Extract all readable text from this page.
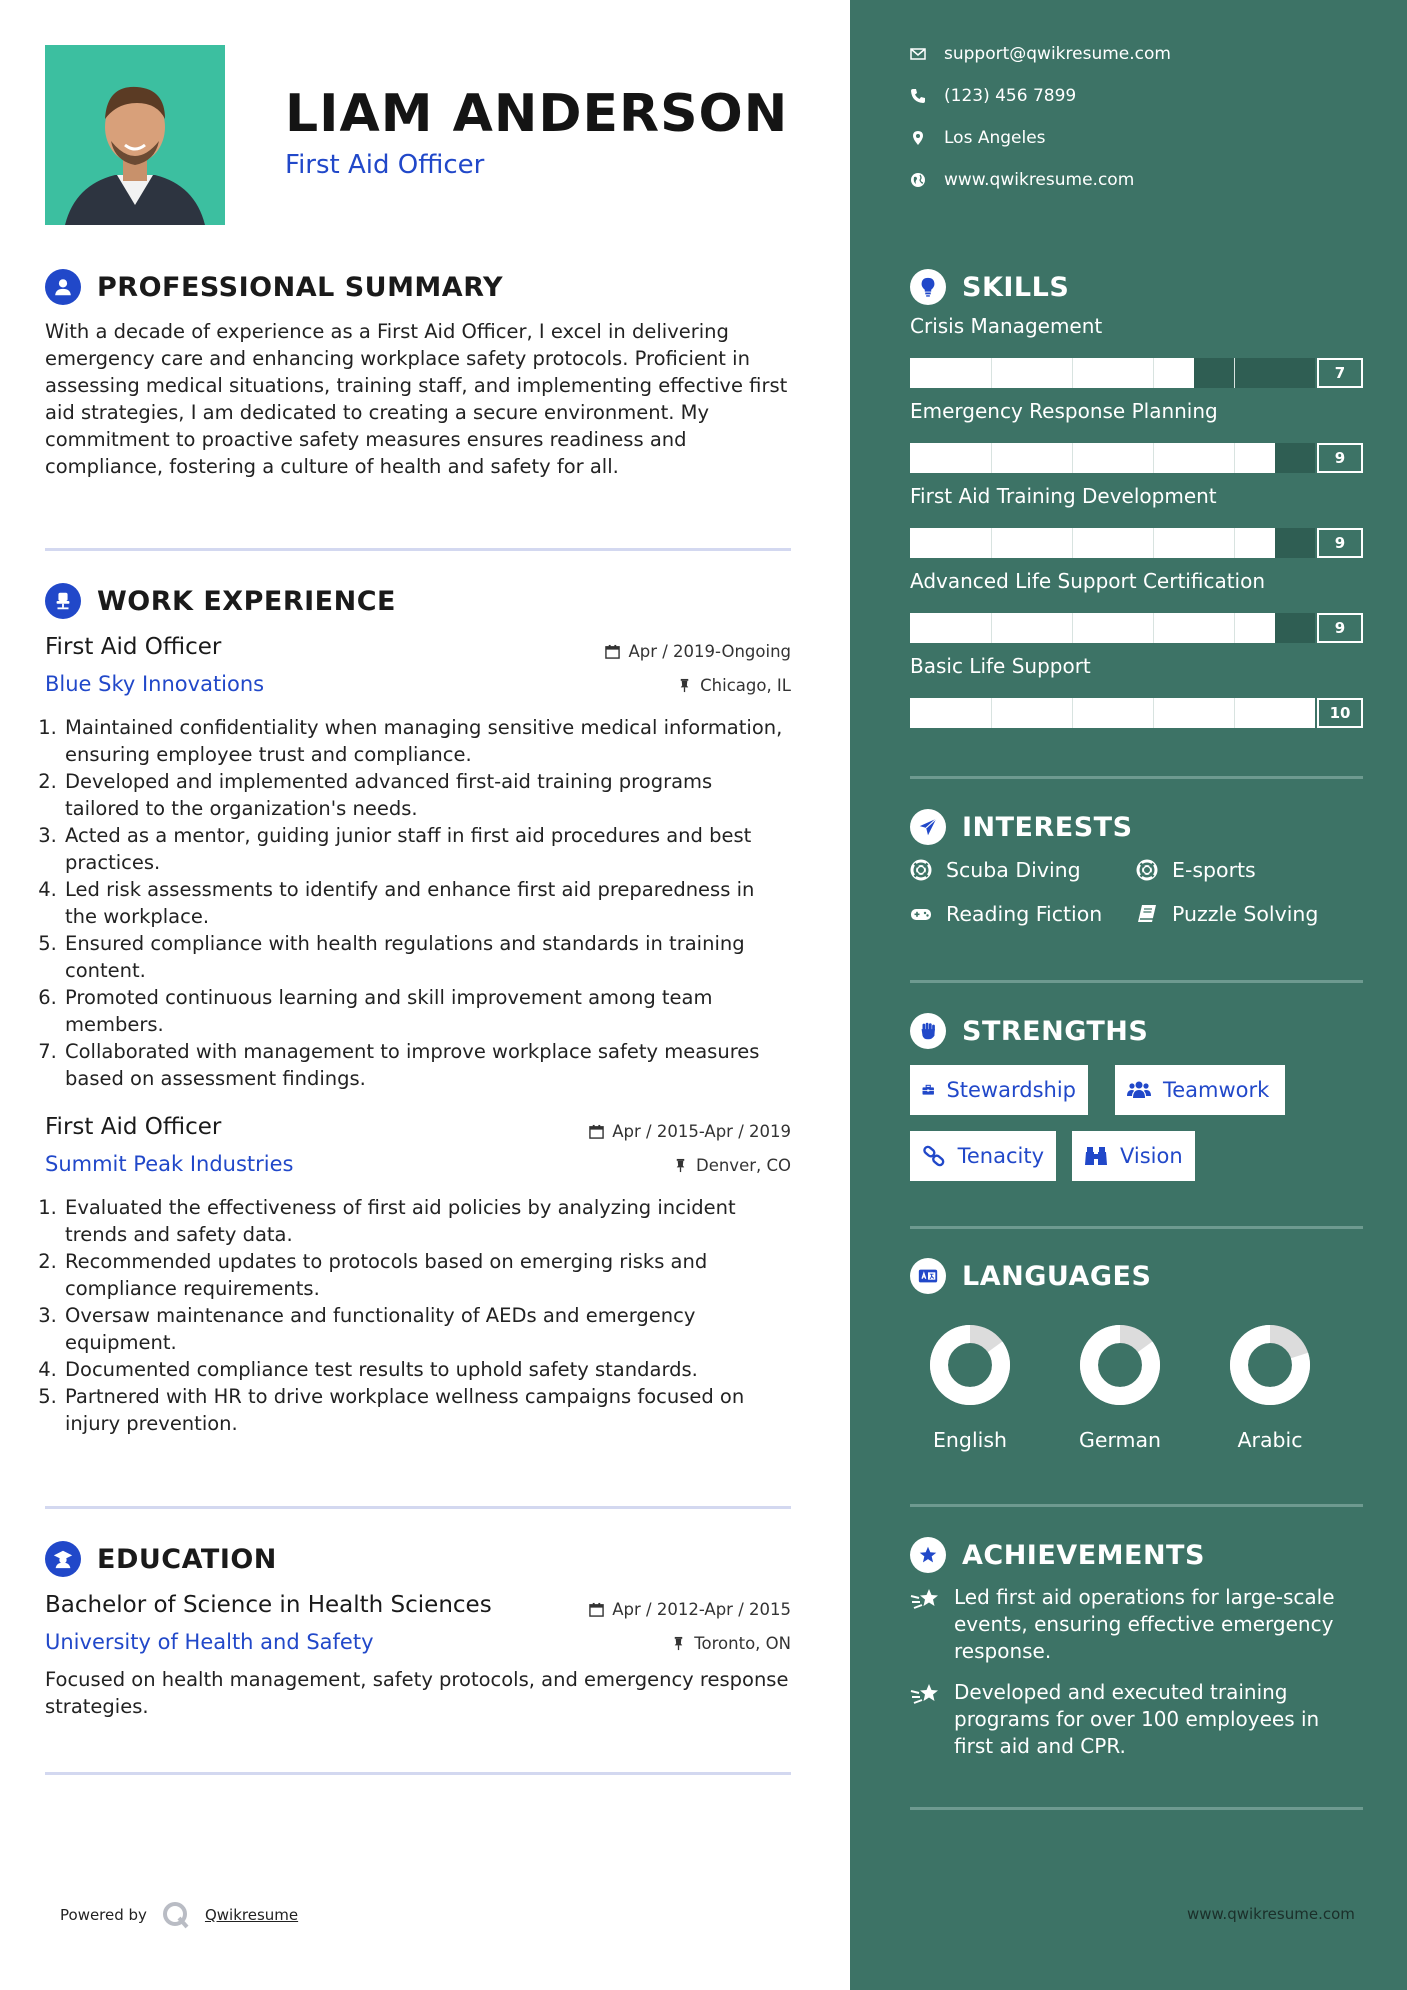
LIAM ANDERSON
First Aid Officer
PROFESSIONAL SUMMARY

With a decade of experience as a First Aid Officer, I excel in delivering emergency care and enhancing workplace safety protocols. Proficient in assessing medical situations, training staff, and implementing effective first aid strategies, I am dedicated to creating a secure environment. My commitment to proactive safety measures ensures readiness and compliance, fostering a culture of health and safety for all.

WORK EXPERIENCE
First Aid Officer	Apr / 2019-Ongoing
Blue Sky Innovations	Chicago, IL
1. Maintained confidentiality when managing sensitive medical information, ensuring employee trust and compliance.
2. Developed and implemented advanced first-aid training programs tailored to the organization's needs.
3. Acted as a mentor, guiding junior staff in first aid procedures and best practices.
4. Led risk assessments to identify and enhance first aid preparedness in the workplace.
5. Ensured compliance with health regulations and standards in training content.
6. Promoted continuous learning and skill improvement among team members.
7. Collaborated with management to improve workplace safety measures based on assessment findings.
First Aid Officer	Apr / 2015-Apr / 2019
Summit Peak Industries	Denver, CO
1. Evaluated the effectiveness of first aid policies by analyzing incident trends and safety data.
2. Recommended updates to protocols based on emerging risks and compliance requirements.
3. Oversaw maintenance and functionality of AEDs and emergency equipment.
4. Documented compliance test results to uphold safety standards.
5. Partnered with HR to drive workplace wellness campaigns focused on injury prevention.
EDUCATION
Bachelor of Science in Health Sciences	Apr / 2012-Apr / 2015
University of Health and Safety	Toronto, ON

Focused on health management, safety protocols, and emergency response strategies.

Powered by	Qwikresume
support@qwikresume.com
(123) 456 7899
Los Angeles
www.qwikresume.com
SKILLS
Crisis Management
7
Emergency Response Planning
9
First Aid Training Development
9
Advanced Life Support Certification
9
Basic Life Support
10
INTERESTS
Scuba Diving	E-sports
Reading Fiction	Puzzle Solving
STRENGTHS
Stewardship	Teamwork
Tenacity	Vision
LANGUAGES
English	German	Arabic
ACHIEVEMENTS
Led first aid operations for large-scale events, ensuring effective emergency response.
Developed and executed training programs for over 100 employees in first aid and CPR.
www.qwikresume.com
